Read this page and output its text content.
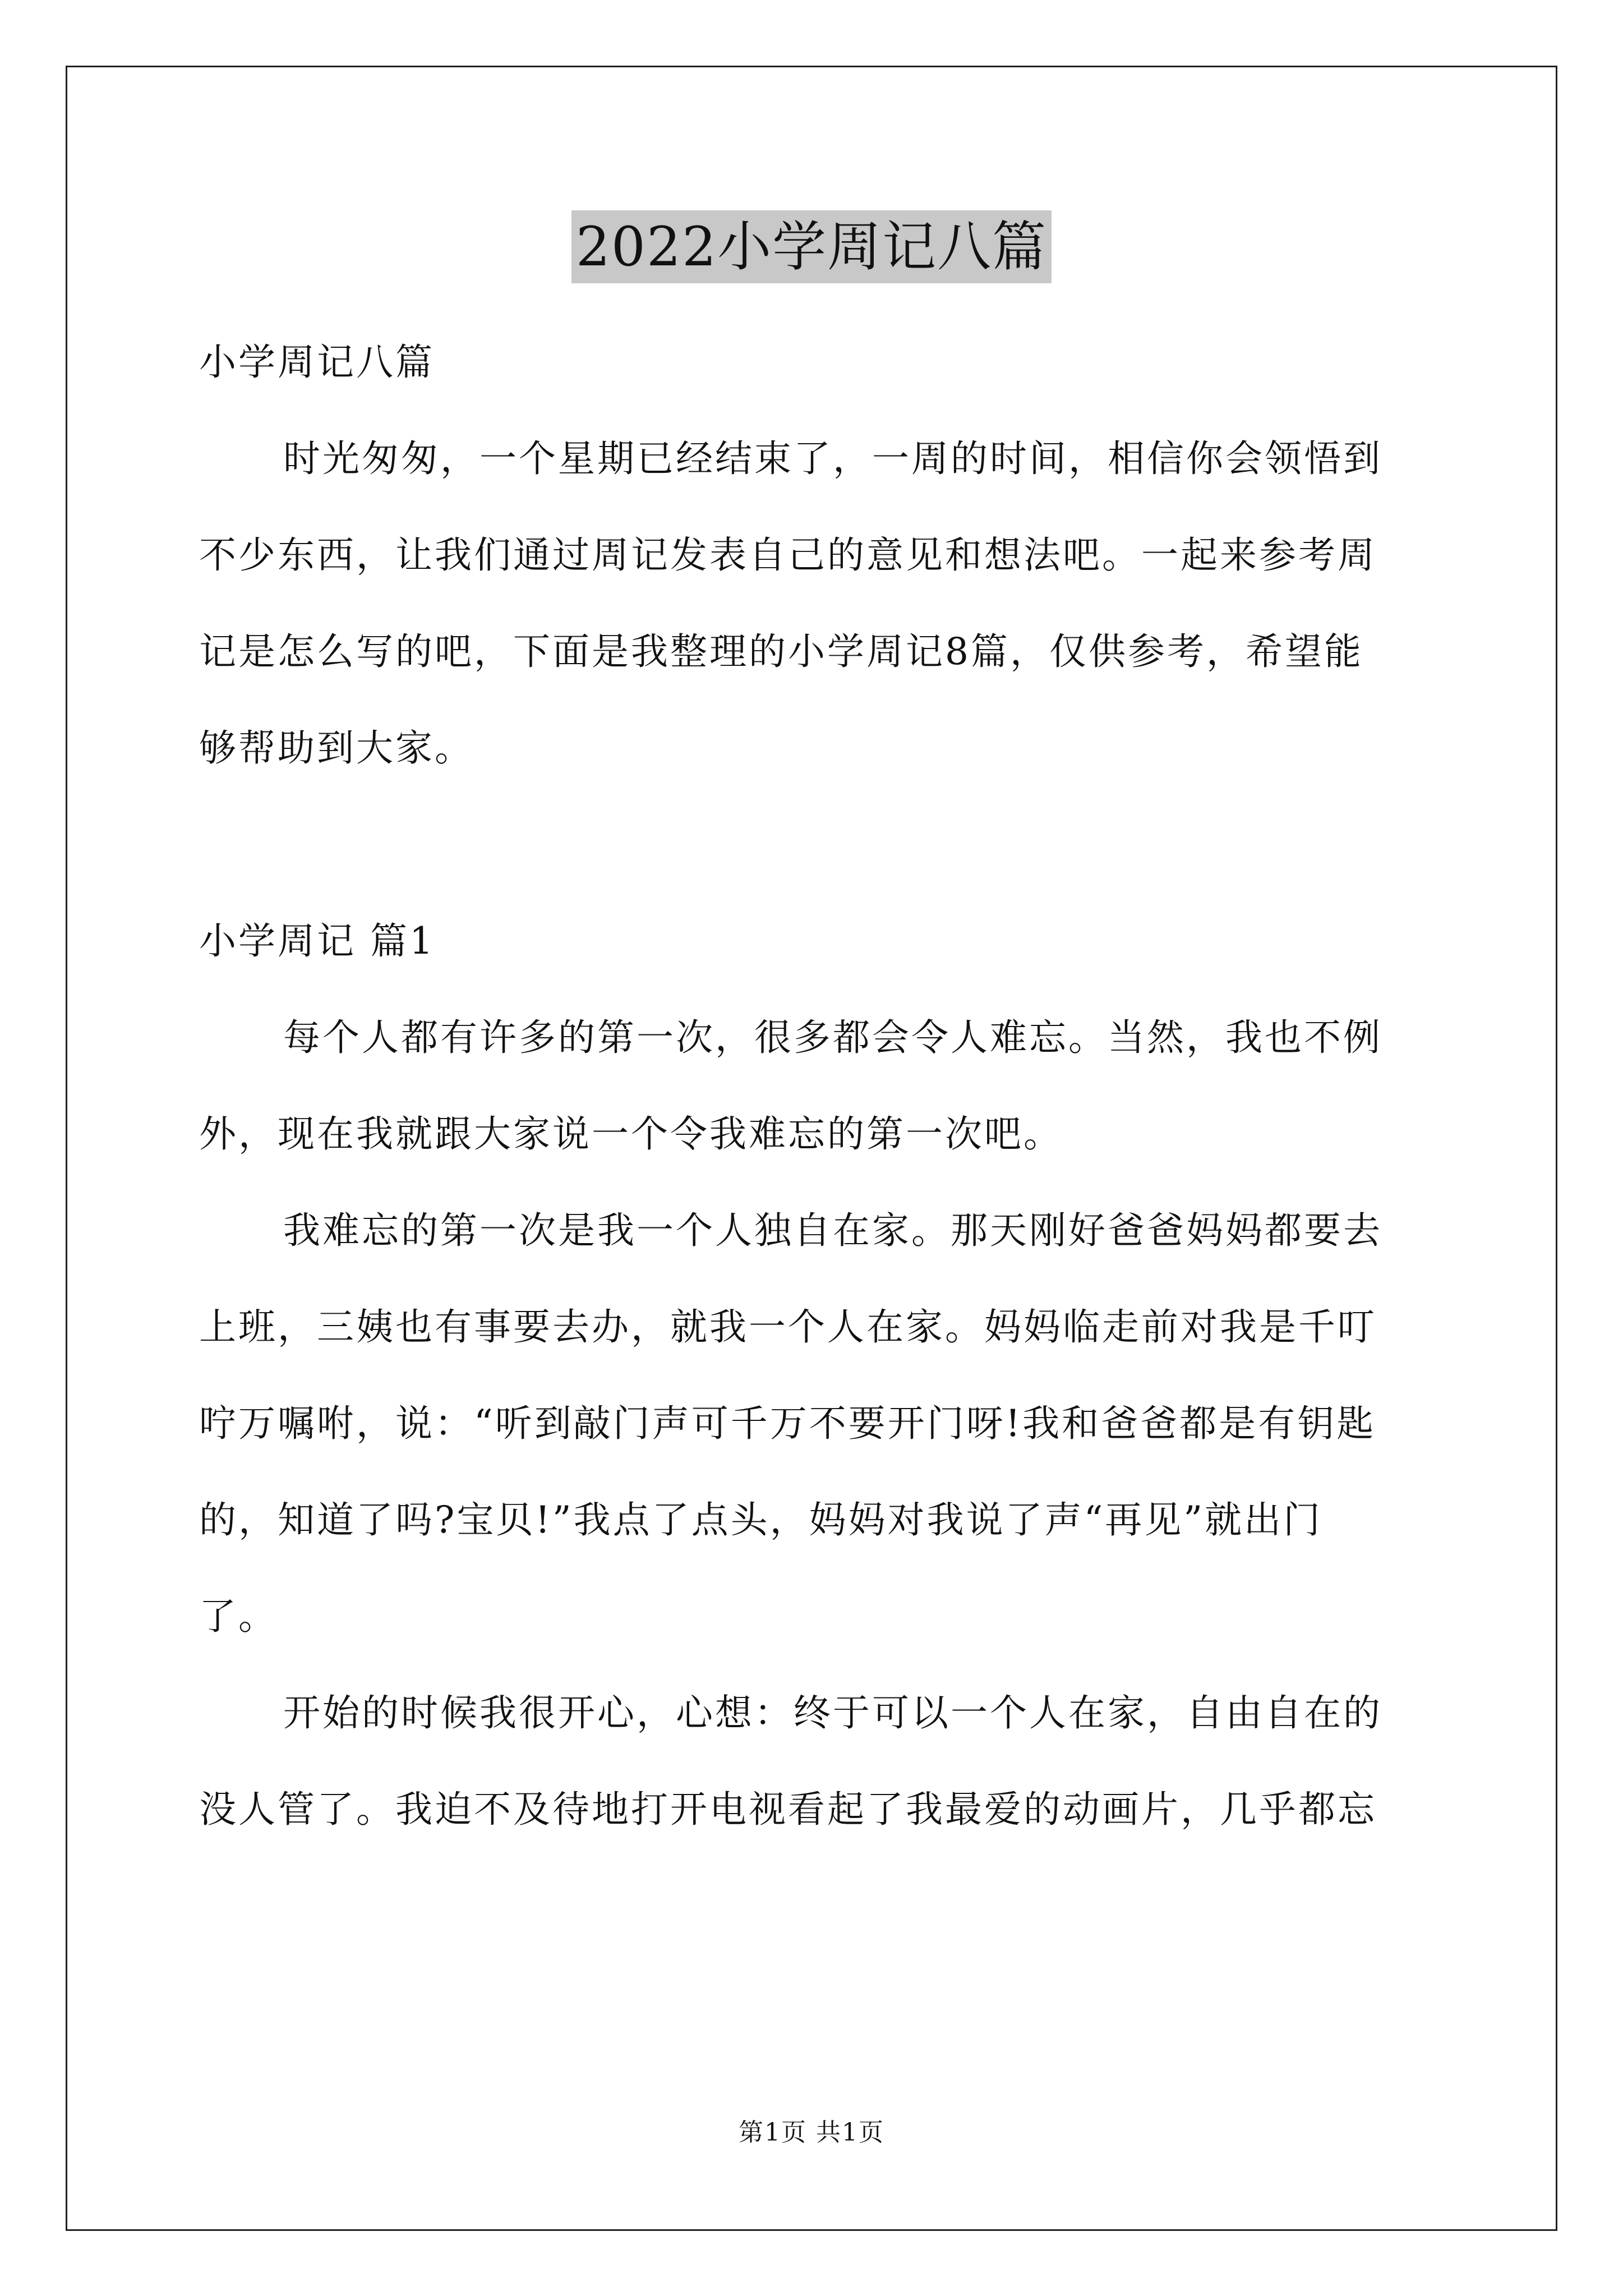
2022小学周记八篇
小学周记八篇
时光匆匆，一个星期已经结束了，一周的时间，相信你会领悟到
不少东西，让我们通过周记发表自己的意见和想法吧。一起来参考周
记是怎么写的吧，下面是我整理的小学周记8篇，仅供参考，希望能
够帮助到大家。
小学周记 篇1
每个人都有许多的第一次，很多都会令人难忘。当然，我也不例
外，现在我就跟大家说一个令我难忘的第一次吧。
我难忘的第一次是我一个人独自在家。那天刚好爸爸妈妈都要去
上班，三姨也有事要去办，就我一个人在家。妈妈临走前对我是千叮
咛万嘱咐，说：“听到敲门声可千万不要开门呀!我和爸爸都是有钥匙
的，知道了吗?宝贝!”我点了点头，妈妈对我说了声“再见”就出门
了。
开始的时候我很开心，心想：终于可以一个人在家，自由自在的
没人管了。我迫不及待地打开电视看起了我最爱的动画片，几乎都忘
第1页 共1页
